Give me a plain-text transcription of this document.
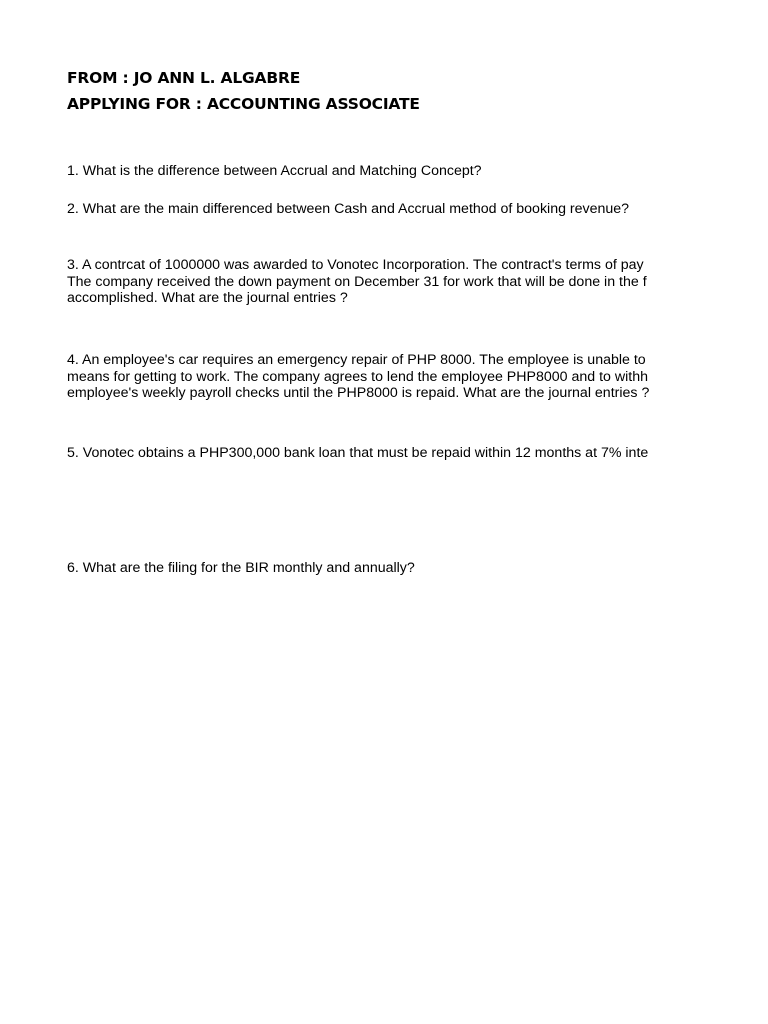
FROM : JO ANN L. ALGABRE

APPLYING FOR : ACCOUNTING ASSOCIATE

1. What is the difference between Accrual and Matching Concept?

2. What are the main differenced between Cash and Accrual method of booking revenue?

3. A contrcat of 1000000 was awarded to Vonotec Incorporation. The contract's terms of pay
The company received the down payment on December 31 for work that will be done in the f
accomplished. What are the journal entries ?

4. An employee's car requires an emergency repair of PHP 8000. The employee is unable to
means for getting to work. The company agrees to lend the employee PHP8000 and to withh
employee's weekly payroll checks until the PHP8000 is repaid. What are the journal entries ?

5. Vonotec obtains a PHP300,000 bank loan that must be repaid within 12 months at 7% inte

6. What are the filing for the BIR monthly and annually?
